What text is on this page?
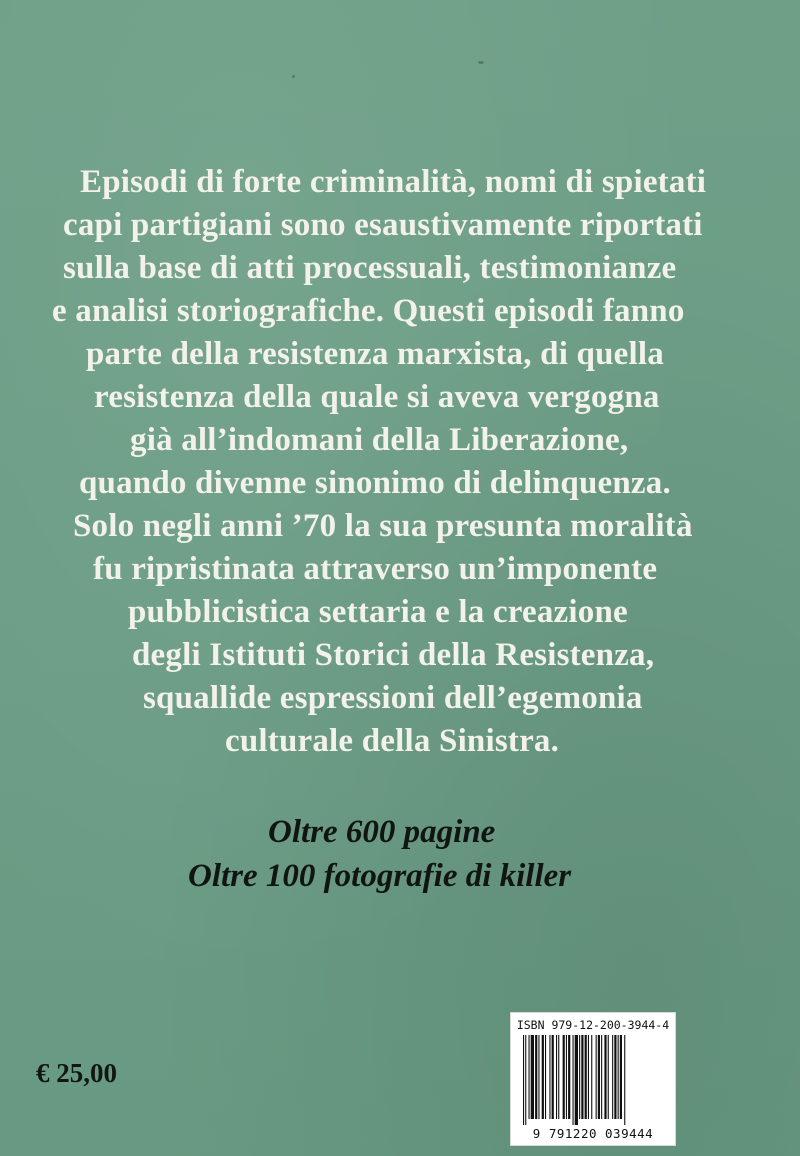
Episodi di forte criminalità, nomi di spietati
capi partigiani sono esaustivamente riportati
sulla base di atti processuali, testimonianze
e analisi storiografiche. Questi episodi fanno
parte della resistenza marxista, di quella
resistenza della quale si aveva vergogna
già all’indomani della Liberazione,
quando divenne sinonimo di delinquenza.
Solo negli anni ’70 la sua presunta moralità
fu ripristinata attraverso un’imponente
pubblicistica settaria e la creazione
degli Istituti Storici della Resistenza,
squallide espressioni dell’egemonia
culturale della Sinistra.
Oltre 600 pagine
Oltre 100 fotografie di killer
€ 25,00
ISBN 979-12-200-3944-4
9 791220 039444
